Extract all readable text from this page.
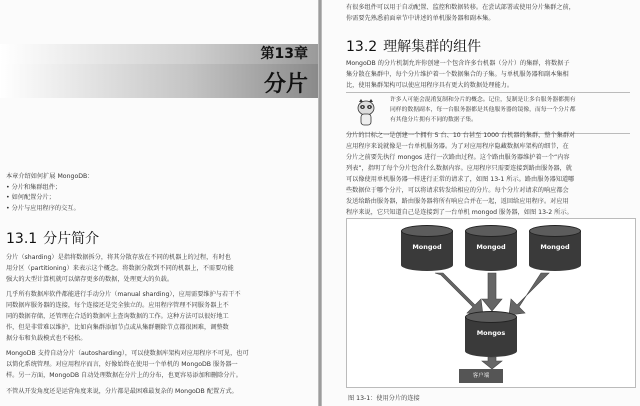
第13章
分片
本章介绍如何扩展 MongoDB：
• 分片和集群组件；
• 如何配置分片；
• 分片与应用程序的交互。
13.1 分片简介
分片（sharding）是指将数据拆分，将其分散存放在不同的机器上的过程，有时也
用分区（partitioning）来表示这个概念。将数据分散到不同的机器上，不需要功能
强大的大型计算机就可以储存更多的数据，处理更大的负载。
几乎所有数据库软件都能进行手动分片（manual sharding），应用需要维护与若干不
同数据库服务器的连接，每个连接还是完全独立的。应用程序管理不同服务器上不
同的数据存储，还管理在合适的数据库上查询数据的工作。这种方法可以很好地工
作，但是非常难以维护，比如向集群添加节点或从集群删除节点都很困难，调整数
据分布和负载模式也不轻松。
MongoDB 支持自动分片（autosharding），可以使数据库架构对应用程序不可见，也可
以简化系统管理。对应用程序而言，好像始终在使用一个单机的 MongoDB 服务器一
样。另一方面，MongoDB 自动处理数据在分片上的分布，也更容易添加和删除分片。
不管从开发角度还是运营角度来说，分片都是最困难最复杂的 MongoDB 配置方式。
有很多组件可以用于自动配置、监控和数据转移。在尝试部署或使用分片集群之前，
你需要先熟悉前面章节中讲述的单机服务器和副本集。
13.2 理解集群的组件
MongoDB 的分片机制允许你创建一个包含许多台机器（分片）的集群，将数据子
集分散在集群中，每个分片维护着一个数据集合的子集。与单机服务器和副本集相
比，使用集群架构可以使应用程序具有更大的数据处理能力。
许多人可能会混淆复制和分片的概念。记住，复制是让多台服务器都拥有
同样的数据副本，每一台服务器都是其他服务器的镜像，而每一个分片都
有其他分片拥有不同的数据子集。
分片的目标之一是创建一个拥有 5 台、10 台甚至 1000 台机器的集群，整个集群对
应用程序来说就像是一台单机服务器。为了对应用程序隐藏数据库架构的细节，在
分片之前要先执行 mongos 进行一次路由过程。这个路由服务器维护着一个“内容
列表”，指明了每个分片包含什么数据内容。应用程序只需要连接到路由服务器，就
可以像使用单机服务器一样进行正常的请求了，如图 13-1 所示。路由服务器知道哪
些数据位于哪个分片，可以将请求转发给相应的分片。每个分片对请求的响应都会
发送给路由服务器，路由服务器将所有响应合并在一起，返回给应用程序。对应用
程序来说，它只知道自己是连接到了一台单机 mongod 服务器，如图 13-2 所示。
Mongod	Mongod	Mongod
Mongos
客户端
图 13-1：使用分片的连接
